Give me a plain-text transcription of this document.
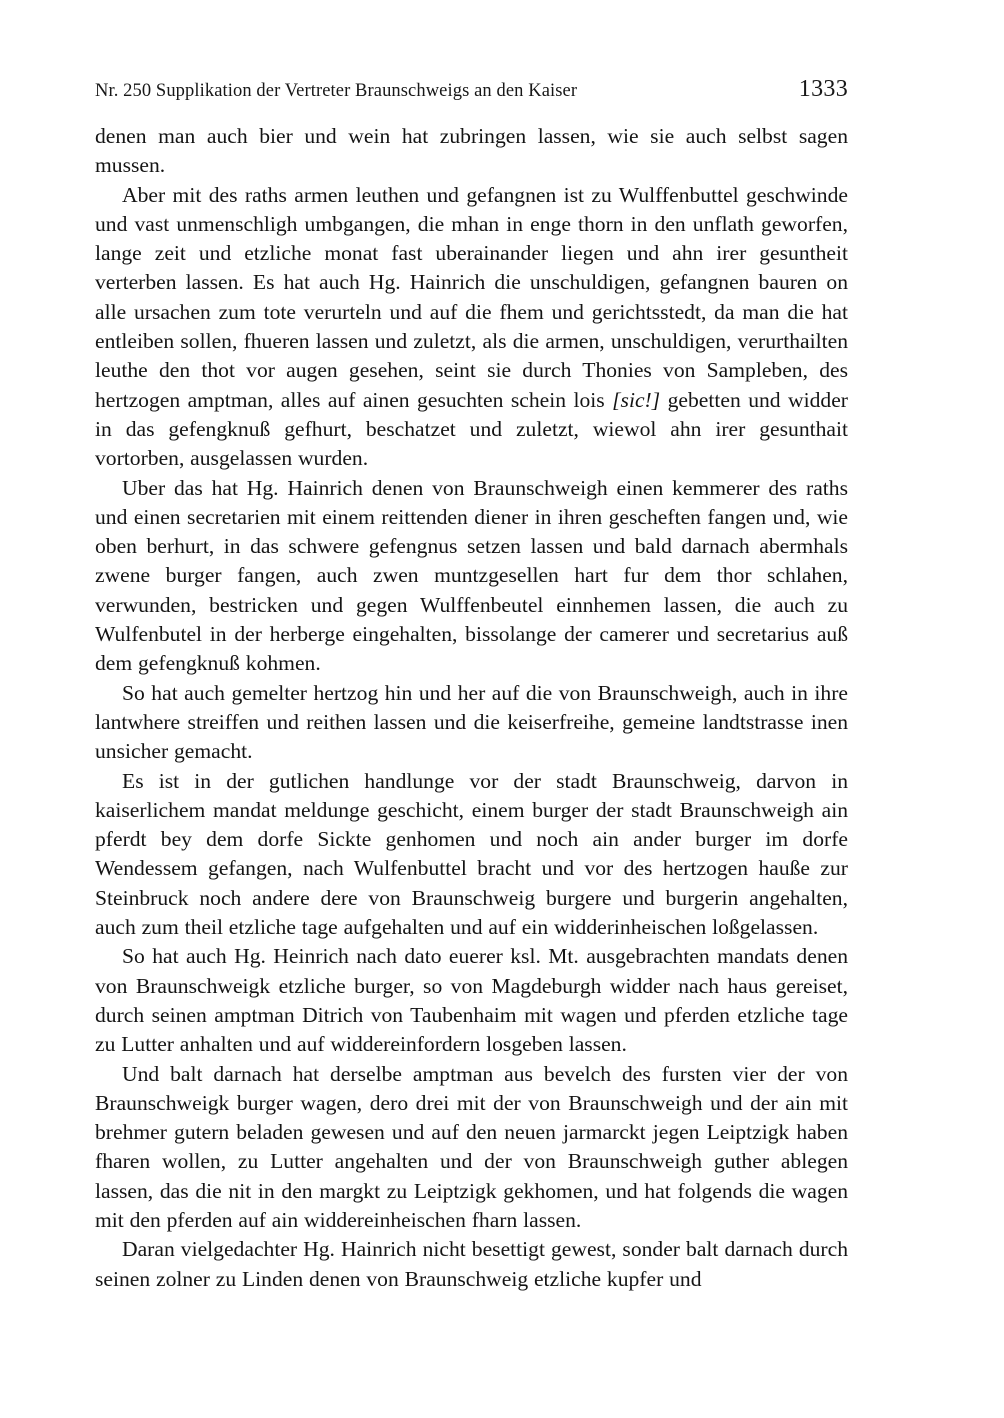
Nr. 250 Supplikation der Vertreter Braunschweigs an den Kaiser	1333

denen man auch bier und wein hat zubringen lassen, wie sie auch selbst sagen mussen.

Aber mit des raths armen leuthen und gefangnen ist zu Wulffenbuttel geschwinde und vast unmenschligh umbgangen, die mhan in enge thorn in den unflath geworfen, lange zeit und etzliche monat fast uberainander liegen und ahn irer gesuntheit verterben lassen. Es hat auch Hg. Hainrich die unschuldigen, gefangnen bauren on alle ursachen zum tote verurteln und auf die fhem und gerichtsstedt, da man die hat entleiben sollen, fhueren lassen und zuletzt, als die armen, unschuldigen, verurthailten leuthe den thot vor augen gesehen, seint sie durch Thonies von Sampleben, des hertzogen amptman, alles auf ainen gesuchten schein lois [sic!] gebetten und widder in das gefengknuß gefhurt, beschatzet und zuletzt, wiewol ahn irer gesunthait vortorben, ausgelassen wurden.

Uber das hat Hg. Hainrich denen von Braunschweigh einen kemmerer des raths und einen secretarien mit einem reittenden diener in ihren gescheften fangen und, wie oben berhurt, in das schwere gefengnus setzen lassen und bald darnach abermhals zwene burger fangen, auch zwen muntzgesellen hart fur dem thor schlahen, verwunden, bestricken und gegen Wulffenbeutel einnhemen lassen, die auch zu Wulfenbutel in der herberge eingehalten, bissolange der camerer und secretarius auß dem gefengknuß kohmen.

So hat auch gemelter hertzog hin und her auf die von Braunschweigh, auch in ihre lantwhere streiffen und reithen lassen und die keiserfreihe, gemeine landtstrasse inen unsicher gemacht.

Es ist in der gutlichen handlunge vor der stadt Braunschweig, darvon in kaiserlichem mandat meldunge geschicht, einem burger der stadt Braunschweigh ain pferdt bey dem dorfe Sickte genhomen und noch ain ander burger im dorfe Wendessem gefangen, nach Wulfenbuttel bracht und vor des hertzogen hauße zur Steinbruck noch andere dere von Braunschweig burgere und burgerin angehalten, auch zum theil etzliche tage aufgehalten und auf ein widderinheischen loßgelassen.

So hat auch Hg. Heinrich nach dato euerer ksl. Mt. ausgebrachten mandats denen von Braunschweigk etzliche burger, so von Magdeburgh widder nach haus gereiset, durch seinen amptman Ditrich von Taubenhaim mit wagen und pferden etzliche tage zu Lutter anhalten und auf widdereinfordern losgeben lassen.

Und balt darnach hat derselbe amptman aus bevelch des fursten vier der von Braunschweigk burger wagen, dero drei mit der von Braunschweigh und der ain mit brehmer gutern beladen gewesen und auf den neuen jarmarckt jegen Leiptzigk haben fharen wollen, zu Lutter angehalten und der von Braunschweigh guther ablegen lassen, das die nit in den margkt zu Leiptzigk gekhomen, und hat folgends die wagen mit den pferden auf ain widdereinheischen fharn lassen.

Daran vielgedachter Hg. Hainrich nicht besettigt gewest, sonder balt darnach durch seinen zolner zu Linden denen von Braunschweig etzliche kupfer und
